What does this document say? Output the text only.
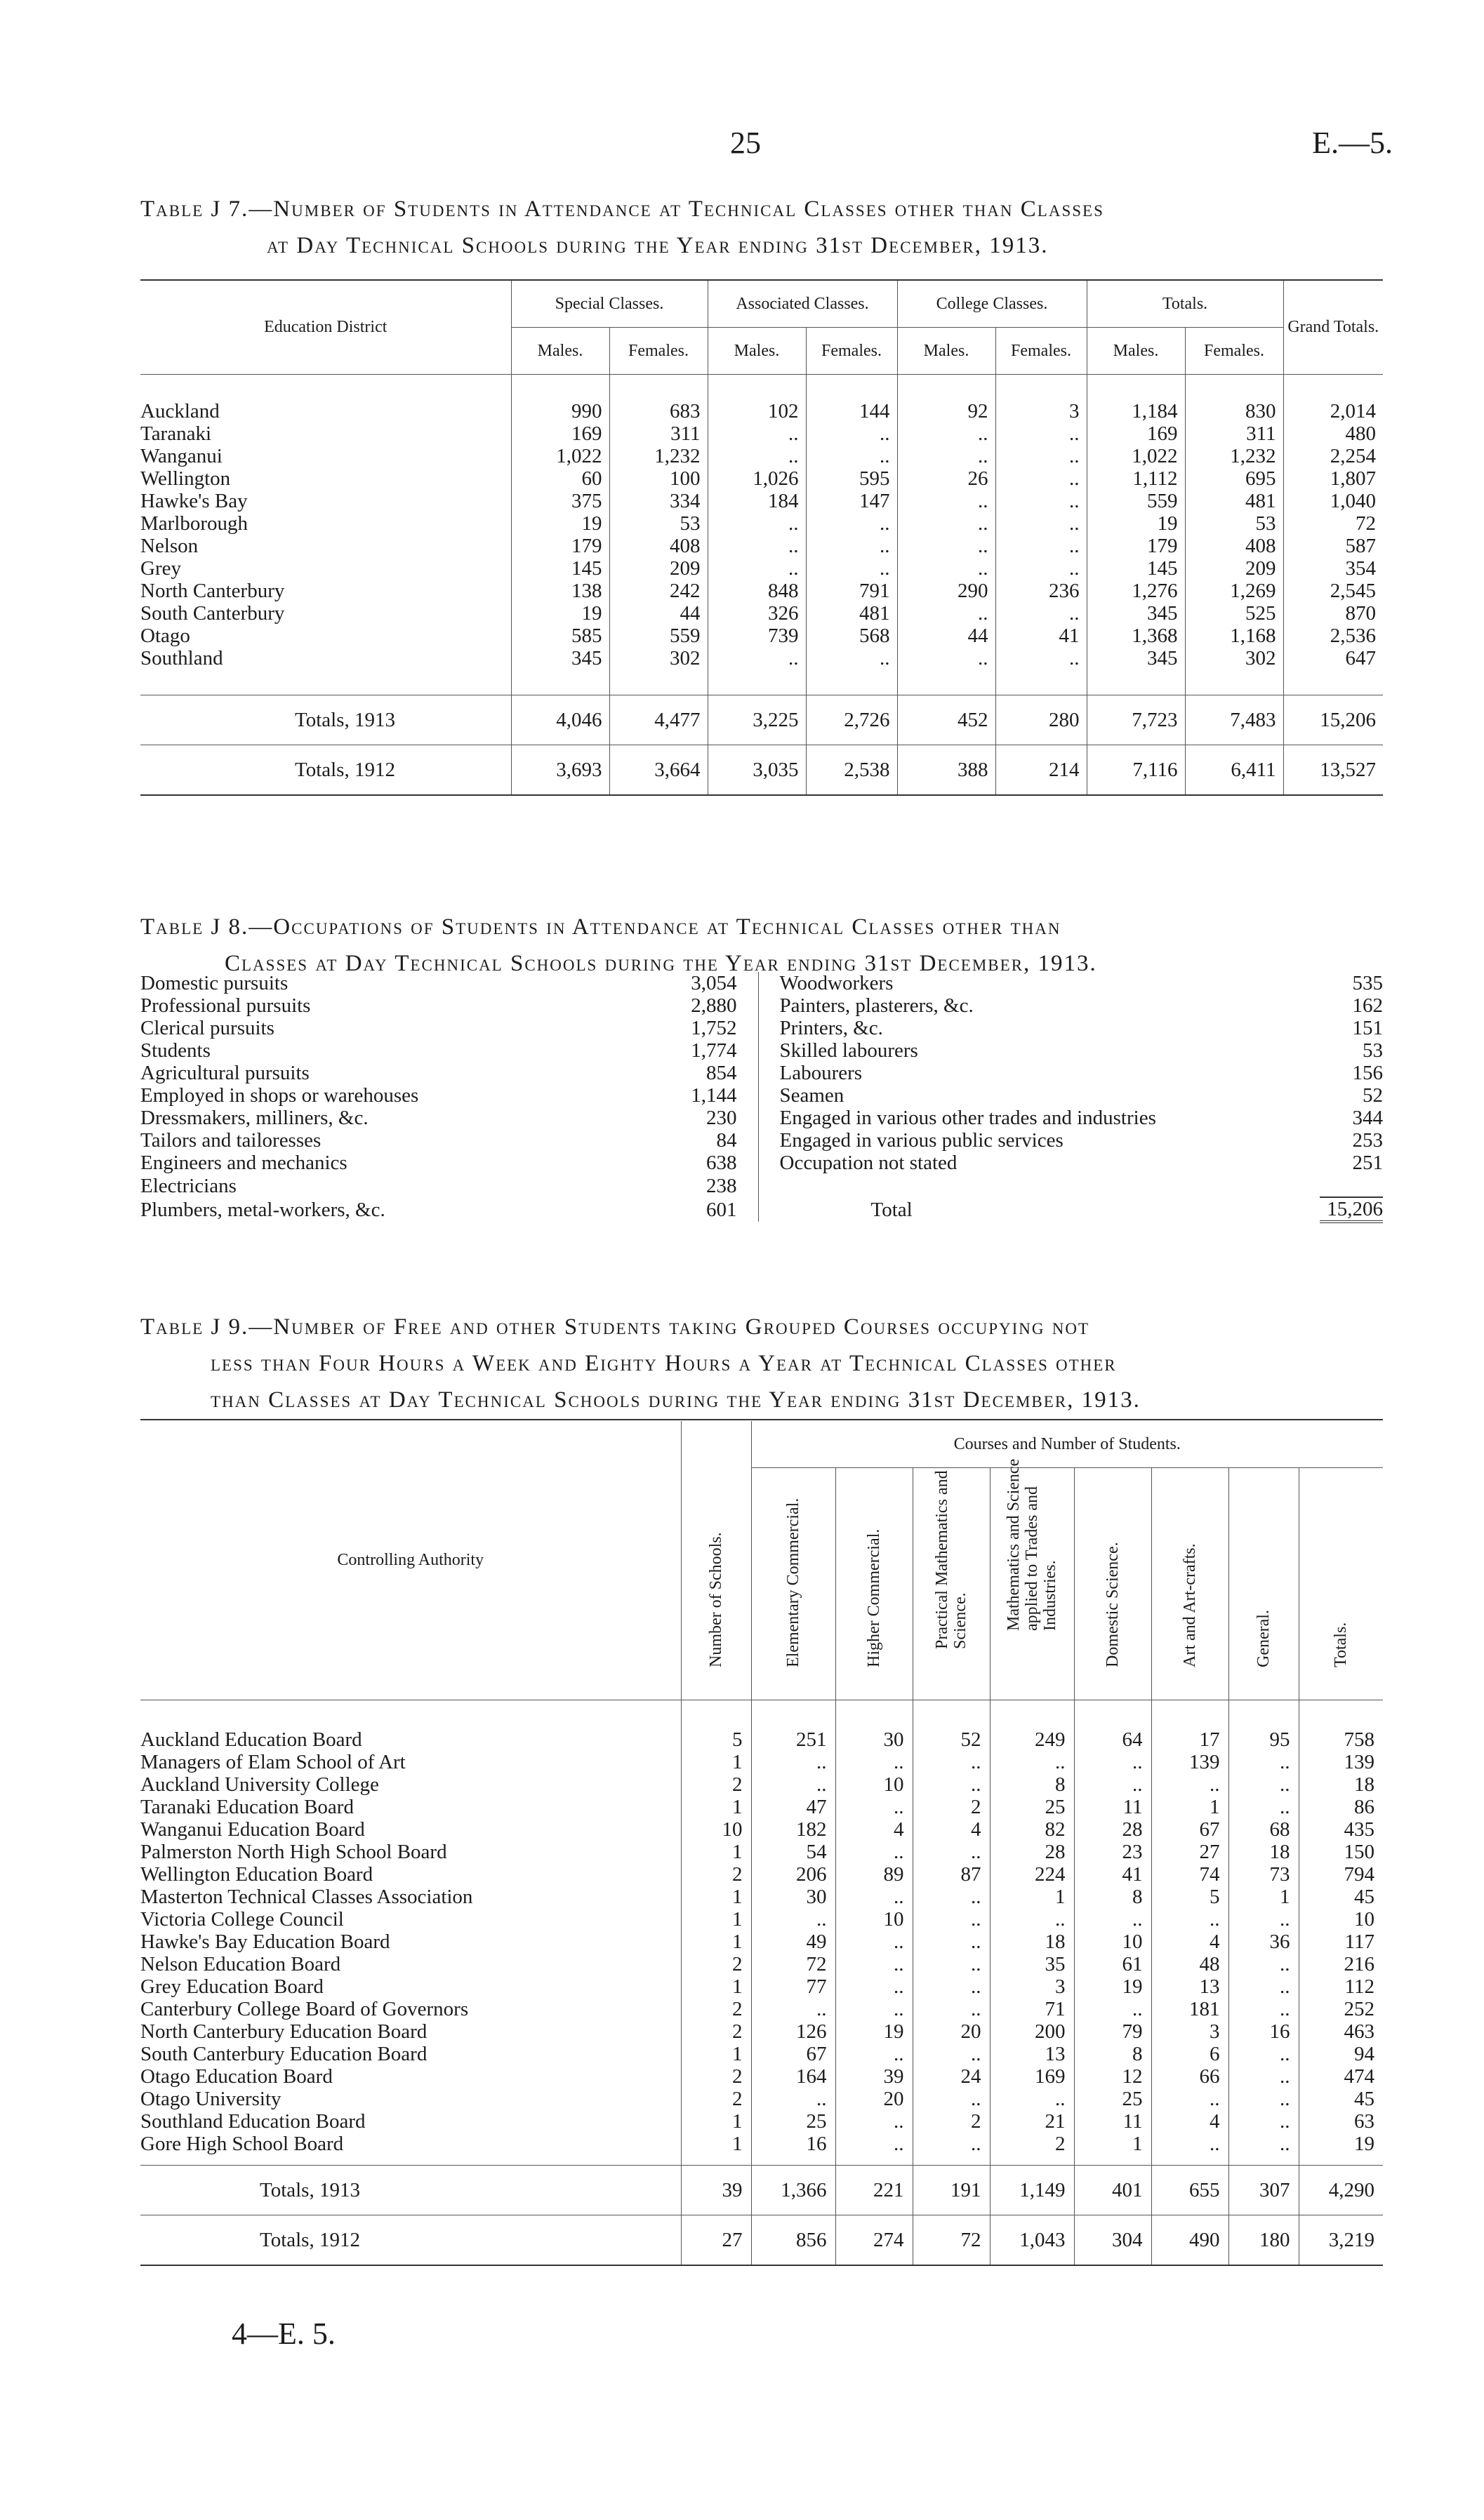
25	E.—5.
Table J 7.—Number of Students in Attendance at Technical Classes other than Classes
at Day Technical Schools during the Year ending 31st December, 1913.
Education District	Special Classes.		Associated Classes.		College Classes.		Totals.		Grand Totals.
	Males.	Females.	Males.	Females.	Males.	Females.	Males.	Females.	

Auckland	990	683	102	144	92	3	1,184	830	2,014
Taranaki	169	311	..	..	..	..	169	311	480
Wanganui	1,022	1,232	..	..	..	..	1,022	1,232	2,254
Wellington	60	100	1,026	595	26	..	1,112	695	1,807
Hawke's Bay	375	334	184	147	..	..	559	481	1,040
Marlborough	19	53	..	..	..	..	19	53	72
Nelson	179	408	..	..	..	..	179	408	587
Grey	145	209	..	..	..	..	145	209	354
North Canterbury	138	242	848	791	290	236	1,276	1,269	2,545
South Canterbury	19	44	326	481	..	..	345	525	870
Otago	585	559	739	568	44	41	1,368	1,168	2,536
Southland	345	302	..	..	..	..	345	302	647

Totals, 1913	4,046	4,477	3,225	2,726	452	280	7,723	7,483	15,206
Totals, 1912	3,693	3,664	3,035	2,538	388	214	7,116	6,411	13,527
Table J 8.—Occupations of Students in Attendance at Technical Classes other than
Classes at Day Technical Schools during the Year ending 31st December, 1913.
Domestic pursuits	3,054	Woodworkers	535
Professional pursuits	2,880	Painters, plasterers, &c.	162
Clerical pursuits	1,752	Printers, &c.	151
Students	1,774	Skilled labourers	53
Agricultural pursuits	854	Labourers	156
Employed in shops or warehouses	1,144	Seamen	52
Dressmakers, milliners, &c.	230	Engaged in various other trades and industries	344
Tailors and tailoresses	84	Engaged in various public services	253
Engineers and mechanics	638	Occupation not stated	251
Electricians	238		
Plumbers, metal-workers, &c.	601	Total	15,206
Table J 9.—Number of Free and other Students taking Grouped Courses occupying not
less than Four Hours a Week and Eighty Hours a Year at Technical Classes other
than Classes at Day Technical Schools during the Year ending 31st December, 1913.
Controlling Authority	Number of Schools.	Courses and Number of Students.							

		Elementary Commercial.	Higher Commercial.	Practical Mathematics and Science.	Mathematics and Science applied to Trades and Industries.	Domestic Science.	Art and Art-crafts.	General.	Totals.

Auckland Education Board	5	251	30	52	249	64	17	95	758
Managers of Elam School of Art	1	..	..	..	..	..	139	..	139
Auckland University College	2	..	10	..	8	..	..	..	18
Taranaki Education Board	1	47	..	2	25	11	1	..	86
Wanganui Education Board	10	182	4	4	82	28	67	68	435
Palmerston North High School Board	1	54	..	..	28	23	27	18	150
Wellington Education Board	2	206	89	87	224	41	74	73	794
Masterton Technical Classes Association	1	30	..	..	1	8	5	1	45
Victoria College Council	1	..	10	..	..	..	..	..	10
Hawke's Bay Education Board	1	49	..	..	18	10	4	36	117
Nelson Education Board	2	72	..	..	35	61	48	..	216
Grey Education Board	1	77	..	..	3	19	13	..	112
Canterbury College Board of Governors	2	..	..	..	71	..	181	..	252
North Canterbury Education Board	2	126	19	20	200	79	3	16	463
South Canterbury Education Board	1	67	..	..	13	8	6	..	94
Otago Education Board	2	164	39	24	169	12	66	..	474
Otago University	2	..	20	..	..	25	..	..	45
Southland Education Board	1	25	..	2	21	11	4	..	63
Gore High School Board	1	16	..	..	2	1	..	..	19

Totals, 1913	39	1,366	221	191	1,149	401	655	307	4,290
Totals, 1912	27	856	274	72	1,043	304	490	180	3,219
4—E. 5.
